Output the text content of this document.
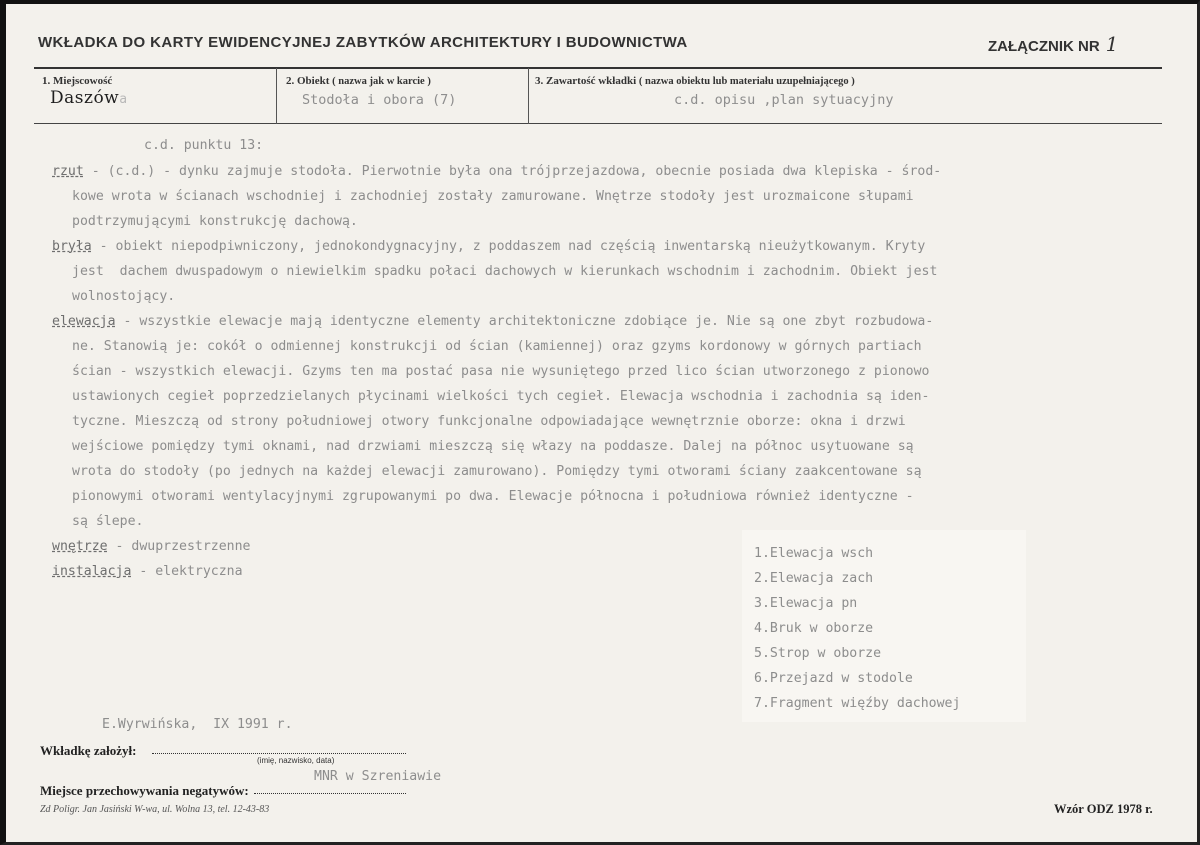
WKŁADKA DO KARTY EWIDENCYJNEJ ZABYTKÓW ARCHITEKTURY I BUDOWNICTWA	ZAŁĄCZNIK NR 1
1. Miejscowość
Daszówa
2. Obiekt ( nazwa jak w karcie )
Stodoła i obora (7)
3. Zawartość wkładki ( nazwa obiektu lub materiału uzupełniającego )
c.d. opisu ,plan sytuacyjny
c.d. punktu 13:
rzut - (c.d.) - dynku zajmuje stodoła. Pierwotnie była ona trójprzejazdowa, obecnie posiada dwa klepiska - środ-
kowe wrota w ścianach wschodniej i zachodniej zostały zamurowane. Wnętrze stodoły jest urozmaicone słupami
podtrzymującymi konstrukcję dachową.
bryła - obiekt niepodpiwniczony, jednokondygnacyjny, z poddaszem nad częścią inwentarską nieużytkowanym. Kryty
jest  dachem dwuspadowym o niewielkim spadku połaci dachowych w kierunkach wschodnim i zachodnim. Obiekt jest
wolnostojący.
elewacja - wszystkie elewacje mają identyczne elementy architektoniczne zdobiące je. Nie są one zbyt rozbudowa-
ne. Stanowią je: cokół o odmiennej konstrukcji od ścian (kamiennej) oraz gzyms kordonowy w górnych partiach
ścian - wszystkich elewacji. Gzyms ten ma postać pasa nie wysuniętego przed lico ścian utworzonego z pionowo
ustawionych cegieł poprzedzielanych płycinami wielkości tych cegieł. Elewacja wschodnia i zachodnia są iden-
tyczne. Mieszczą od strony południowej otwory funkcjonalne odpowiadające wewnętrznie oborze: okna i drzwi
wejściowe pomiędzy tymi oknami, nad drzwiami mieszczą się włazy na poddasze. Dalej na północ usytuowane są
wrota do stodoły (po jednych na każdej elewacji zamurowano). Pomiędzy tymi otworami ściany zaakcentowane są
pionowymi otworami wentylacyjnymi zgrupowanymi po dwa. Elewacje północna i południowa również identyczne -
są ślepe.
wnętrze - dwuprzestrzenne
instalacja - elektryczna
1.Elewacja wsch
2.Elewacja zach
3.Elewacja pn
4.Bruk w oborze
5.Strop w oborze
6.Przejazd w stodole
7.Fragment więźby dachowej
E.Wyrwińska,  IX 1991 r.
Wkładkę założył:
(imię, nazwisko, data)
MNR w Szreniawie
Miejsce przechowywania negatywów:
Zd Poligr. Jan Jasiński W-wa, ul. Wolna 13, tel. 12-43-83	Wzór ODZ 1978 r.
